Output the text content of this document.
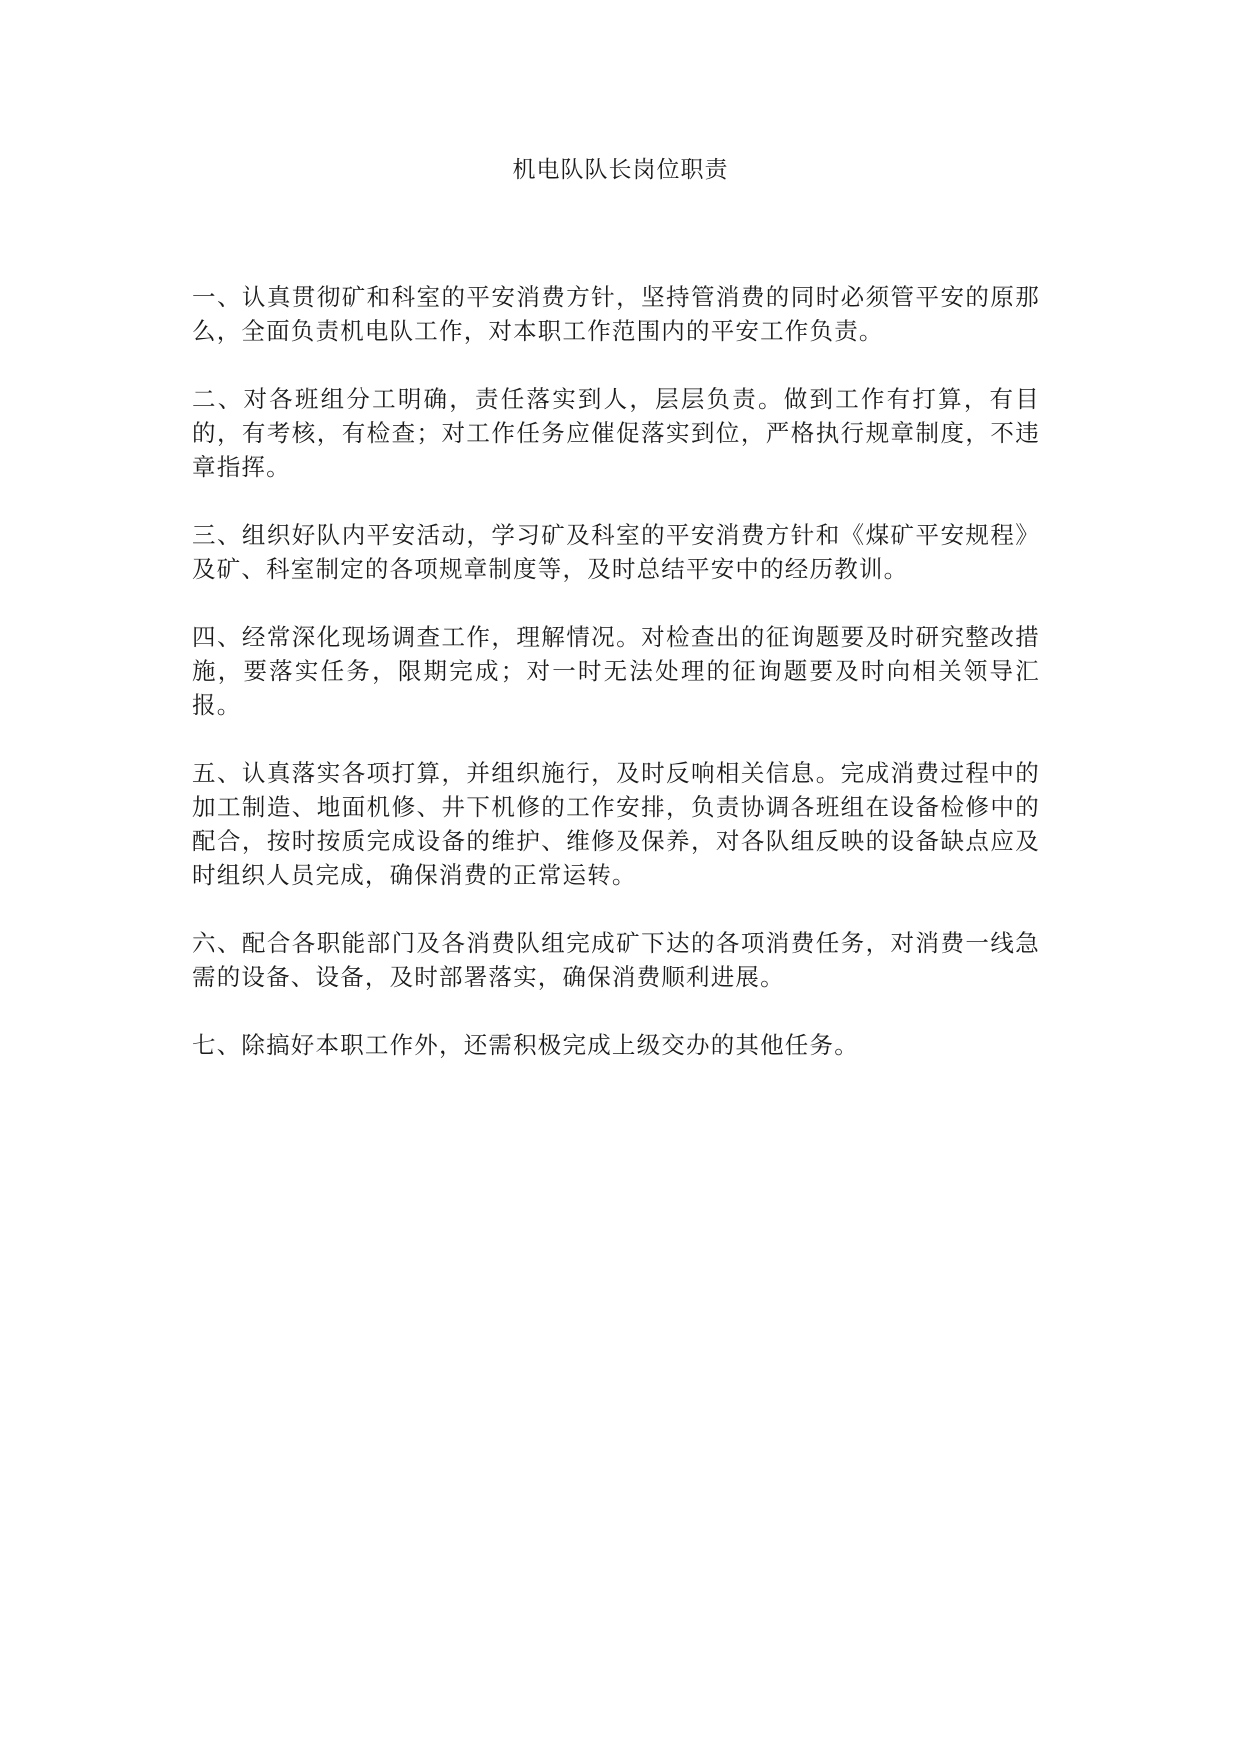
机电队队长岗位职责

一、认真贯彻矿和科室的平安消费方针，坚持管消费的同时必须管平安的原那么，全面负责机电队工作，对本职工作范围内的平安工作负责。

二、对各班组分工明确，责任落实到人，层层负责。做到工作有打算，有目的，有考核，有检查；对工作任务应催促落实到位，严格执行规章制度，不违章指挥。

三、组织好队内平安活动，学习矿及科室的平安消费方针和《煤矿平安规程》及矿、科室制定的各项规章制度等，及时总结平安中的经历教训。

四、经常深化现场调查工作，理解情况。对检查出的征询题要及时研究整改措施，要落实任务，限期完成；对一时无法处理的征询题要及时向相关领导汇报。

五、认真落实各项打算，并组织施行，及时反响相关信息。完成消费过程中的加工制造、地面机修、井下机修的工作安排，负责协调各班组在设备检修中的配合，按时按质完成设备的维护、维修及保养，对各队组反映的设备缺点应及时组织人员完成，确保消费的正常运转。

六、配合各职能部门及各消费队组完成矿下达的各项消费任务，对消费一线急需的设备、设备，及时部署落实，确保消费顺利进展。

七、除搞好本职工作外，还需积极完成上级交办的其他任务。
